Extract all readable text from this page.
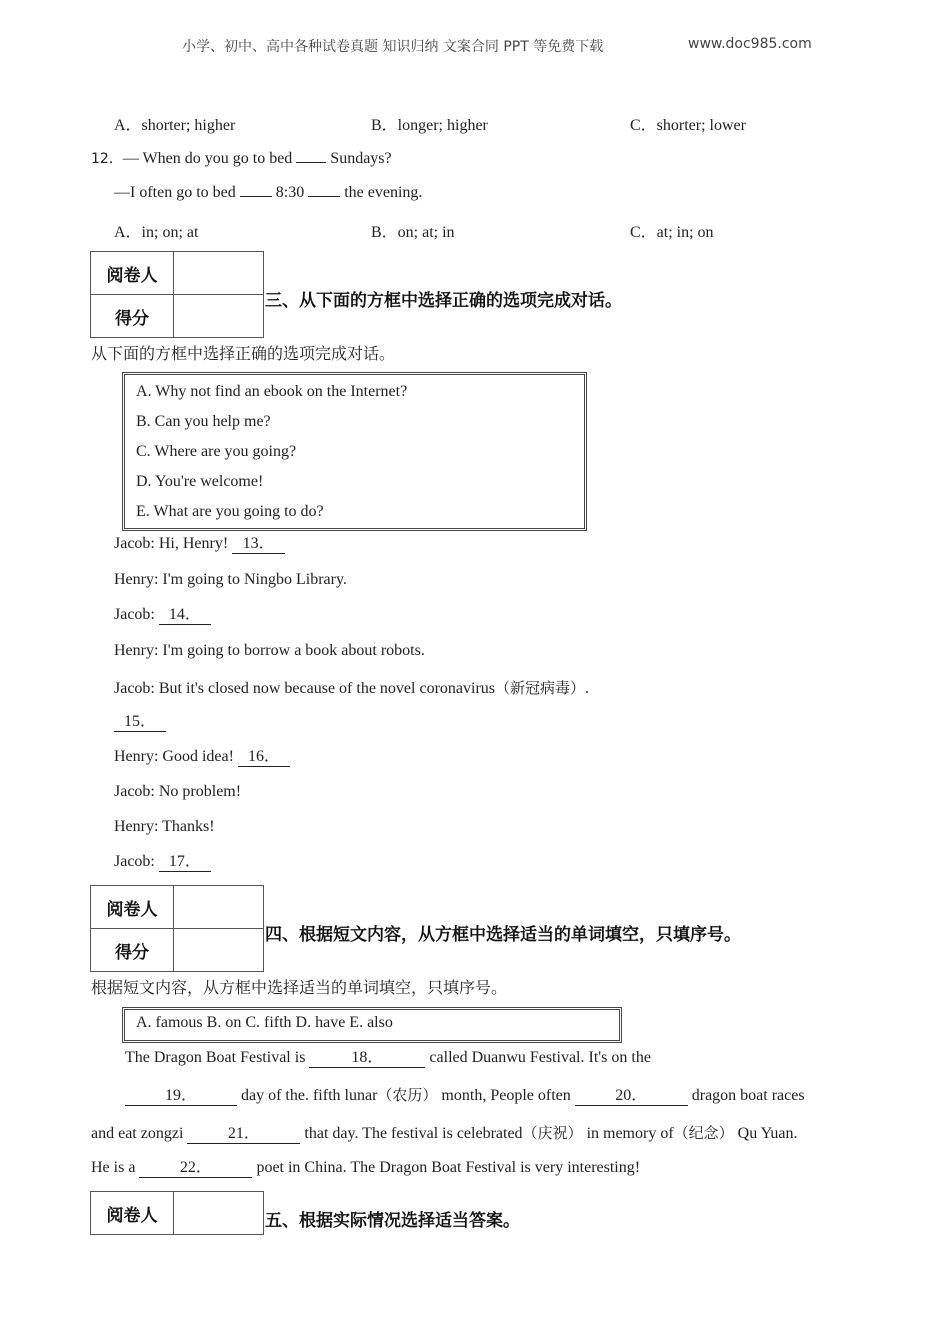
小学、初中、高中各种试卷真题 知识归纳 文案合同 PPT 等免费下载	www.doc985.com
A．shorter; higher	B．longer; higher	C．shorter; lower
12．— When do you go to bed  Sundays?
—I often go to bed  8:30  the evening.
A．in; on; at	B．on; at; in	C．at; in; on
阅卷人	
得分	
三、从下面的方框中选择正确的选项完成对话。
从下面的方框中选择正确的选项完成对话。
A. Why not find an ebook on the Internet?
B. Can you help me?
C. Where are you going?
D. You're welcome!
E. What are you going to do?
Jacob: Hi, Henry! 13．
Henry: I'm going to Ningbo Library.
Jacob: 14．
Henry: I'm going to borrow a book about robots.
Jacob: But it's closed now because of the novel coronavirus（新冠病毒）.
15．
Henry: Good idea! 16．
Jacob: No problem!
Henry: Thanks!
Jacob: 17．
阅卷人	
得分	
四、根据短文内容，从方框中选择适当的单词填空，只填序号。
根据短文内容，从方框中选择适当的单词填空，只填序号。
A. famous B. on C. fifth D. have E. also
The Dragon Boat Festival is	18．	called Duanwu Festival. It's on the
19．	day of the. fifth lunar（农历） month, People often	20．	dragon boat races
and eat zongzi	21．	that day. The festival is celebrated（庆祝） in memory of（纪念） Qu Yuan.
He is a	22．	poet in China. The Dragon Boat Festival is very interesting!
阅卷人		五、根据实际情况选择适当答案。
